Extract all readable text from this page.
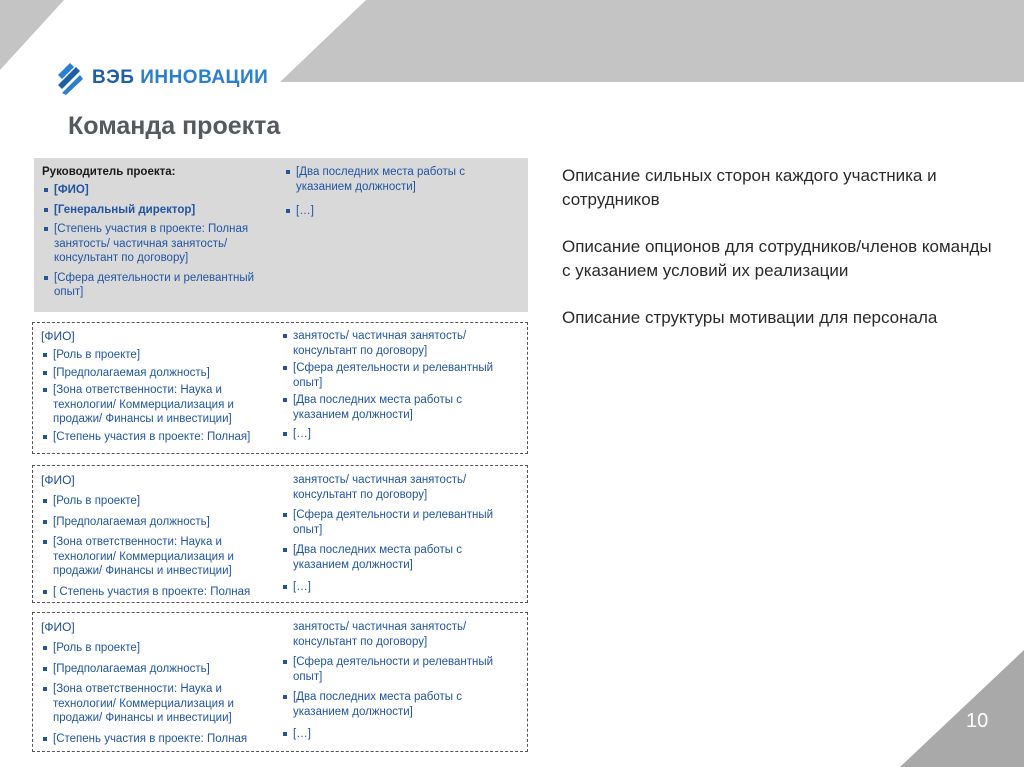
ВЭБ ИННОВАЦИИ
Команда проекта
Руководитель проекта:
[ФИО]
[Генеральный директор]
[Степень участия в проекте: Полная занятость/ частичная занятость/ консультант по договору]
[Сфера деятельности и релевантный опыт]
[Два последних места работы с указанием должности]
[…]
[ФИО]
[Роль в проекте]
[Предполагаемая должность]
[Зона ответственности: Наука и технологии/ Коммерциализация и продажи/ Финансы и инвестиции]
[Степень участия в проекте: Полная]
занятость/ частичная занятость/ консультант по договору]
[Сфера деятельности и релевантный опыт]
[Два последних места работы с указанием должности]
[…]
[ФИО]
[Роль в проекте]
[Предполагаемая должность]
[Зона ответственности: Наука и технологии/ Коммерциализация и продажи/ Финансы и инвестиции]
[ Степень участия в проекте: Полная
занятость/ частичная занятость/ консультант по договору]
[Сфера деятельности и релевантный опыт]
[Два последних места работы с указанием должности]
[…]
[ФИО]
[Роль в проекте]
[Предполагаемая должность]
[Зона ответственности: Наука и технологии/ Коммерциализация и продажи/ Финансы и инвестиции]
[Степень участия в проекте: Полная
занятость/ частичная занятость/ консультант по договору]
[Сфера деятельности и релевантный опыт]
[Два последних места работы с указанием должности]
[…]

Описание сильных сторон каждого участника и сотрудников

Описание опционов для сотрудников/членов команды с указанием условий их реализации

Описание структуры мотивации для персонала

10
